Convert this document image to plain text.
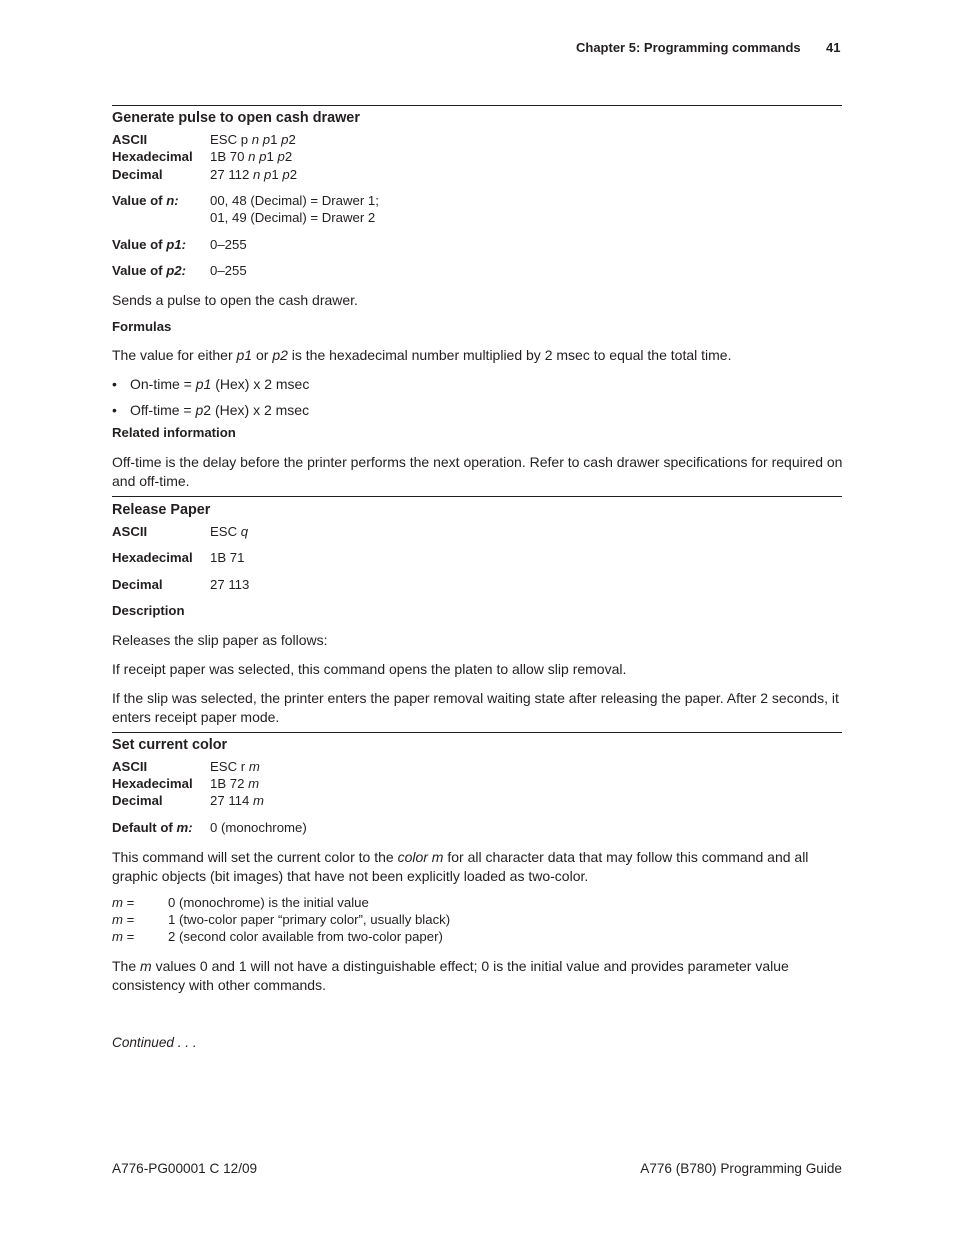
Chapter 5: Programming commands 41
Generate pulse to open cash drawer
ASCII	ESC p n p1 p2
Hexadecimal 1B 70 n p1 p2
Decimal	27 112 n p1 p2
Value of n: 00, 48 (Decimal) = Drawer 1;
01, 49 (Decimal) = Drawer 2
Value of p1: 0–255
Value of p2: 0–255
Sends a pulse to open the cash drawer.
Formulas
The value for either p1 or p2 is the hexadecimal number multiplied by 2 msec to equal the total time.
• On-time = p1 (Hex) x 2 msec
• Off-time = p2 (Hex) x 2 msec
Related information
Off-time is the delay before the printer performs the next operation. Refer to cash drawer specifications for required on and off-time.
Release Paper
ASCII	ESC q
Hexadecimal 1B 71
Decimal	27 113
Description
Releases the slip paper as follows:
If receipt paper was selected, this command opens the platen to allow slip removal.
If the slip was selected, the printer enters the paper removal waiting state after releasing the paper. After 2 seconds, it enters receipt paper mode.
Set current color
ASCII	ESC r m
Hexadecimal 1B 72 m
Decimal	27 114 m
Default of m: 0 (monochrome)
This command will set the current color to the color m for all character data that may follow this command and all graphic objects (bit images) that have not been explicitly loaded as two-color.
m =	0 (monochrome) is the initial value
m =	1 (two-color paper “primary color”, usually black)
m =	2 (second color available from two-color paper)
The m values 0 and 1 will not have a distinguishable effect; 0 is the initial value and provides parameter value consistency with other commands.
Continued . . .
A776-PG00001 C 12/09	A776 (B780) Programming Guide
